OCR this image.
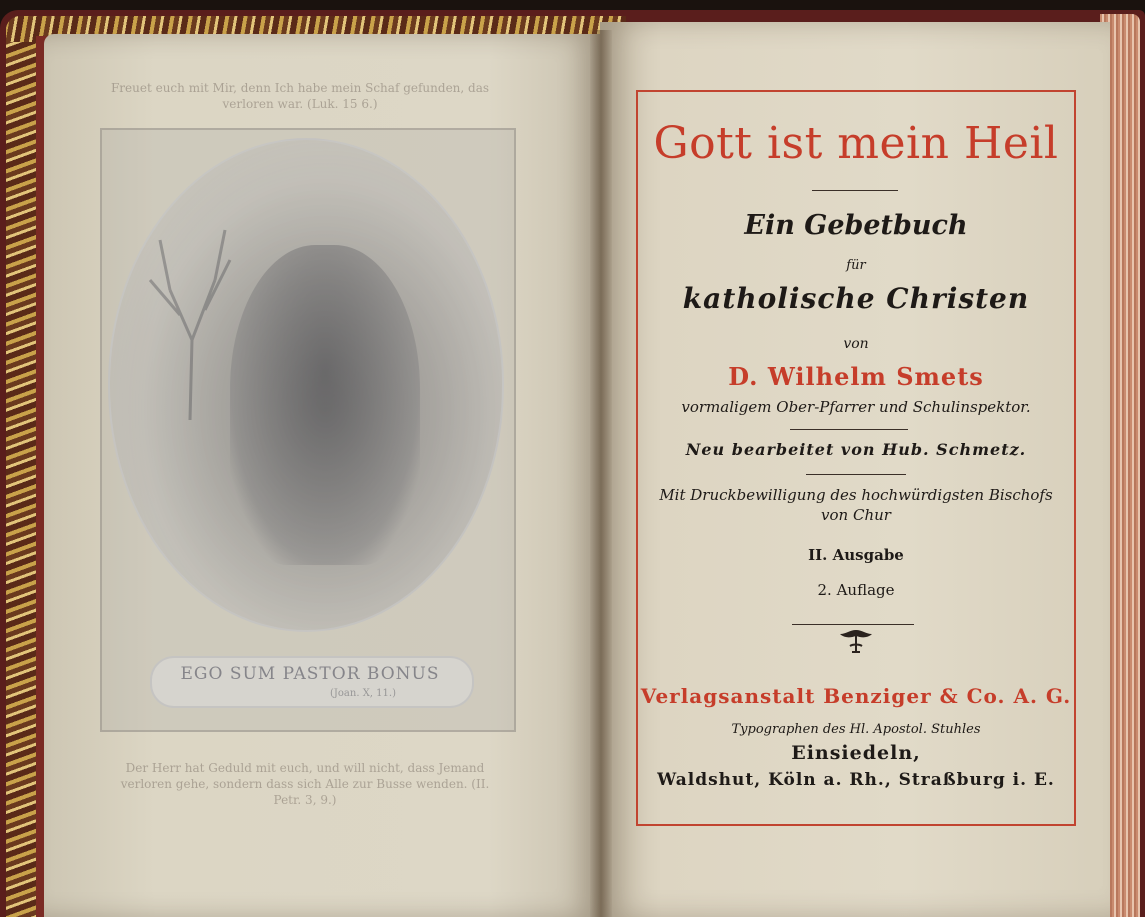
Freuet euch mit Mir, denn Ich habe mein Schaf gefunden, das verloren war. (Luk. 15 6.)
EGO SUM PASTOR BONUS
(Joan. X, 11.)
Der Herr hat Geduld mit euch, und will nicht, dass Jemand verloren gehe, sondern dass sich Alle zur Busse wenden. (II. Petr. 3, 9.)
Gott ist mein Heil
Ein Gebetbuch
für
katholische Christen
von
D. Wilhelm Smets
vormaligem Ober-Pfarrer und Schulinspektor.
Neu bearbeitet von Hub. Schmetz.
Mit Druckbewilligung des hochwürdigsten Bischofs
von Chur
II. Ausgabe
2. Auflage
Verlagsanstalt Benziger & Co. A. G.
Typographen des Hl. Apostol. Stuhles
Einsiedeln,
Waldshut, Köln a. Rh., Straßburg i. E.
